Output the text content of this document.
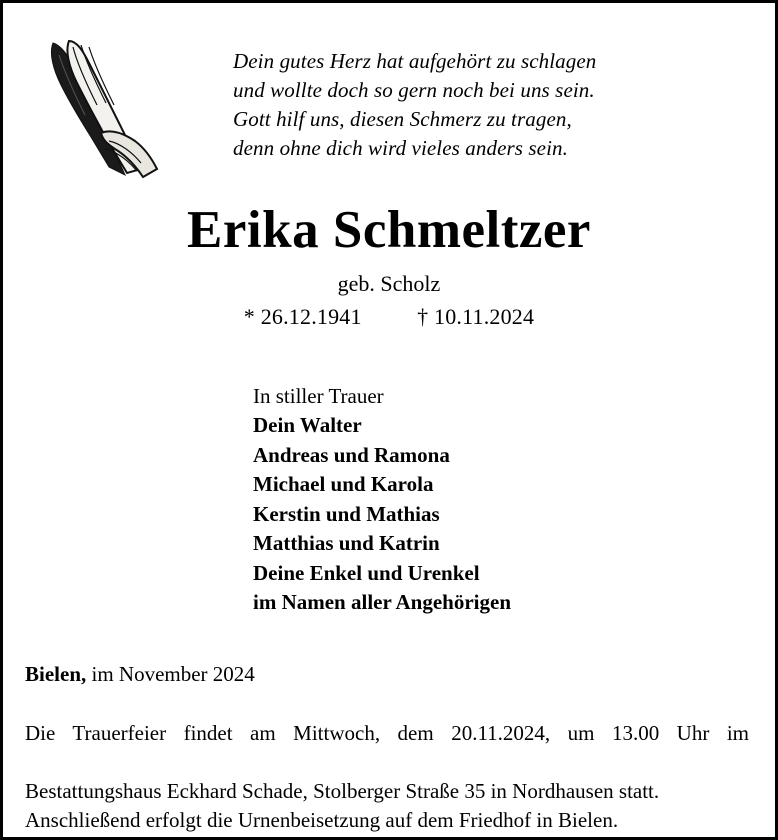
Dein gutes Herz hat aufgehört zu schlagen
und wollte doch so gern noch bei uns sein.
Gott hilf uns, diesen Schmerz zu tragen,
denn ohne dich wird vieles anders sein.
Erika Schmeltzer
geb. Scholz
* 26.12.1941	† 10.11.2024
In stiller Trauer
Dein Walter
Andreas und Ramona
Michael und Karola
Kerstin und Mathias
Matthias und Katrin
Deine Enkel und Urenkel
im Namen aller Angehörigen
Bielen, im November 2024
Die Trauerfeier findet am Mittwoch, dem 20.11.2024, um 13.00 Uhr im
Bestattungshaus Eckhard Schade, Stolberger Straße 35 in Nordhausen statt.
Anschließend erfolgt die Urnenbeisetzung auf dem Friedhof in Bielen.
